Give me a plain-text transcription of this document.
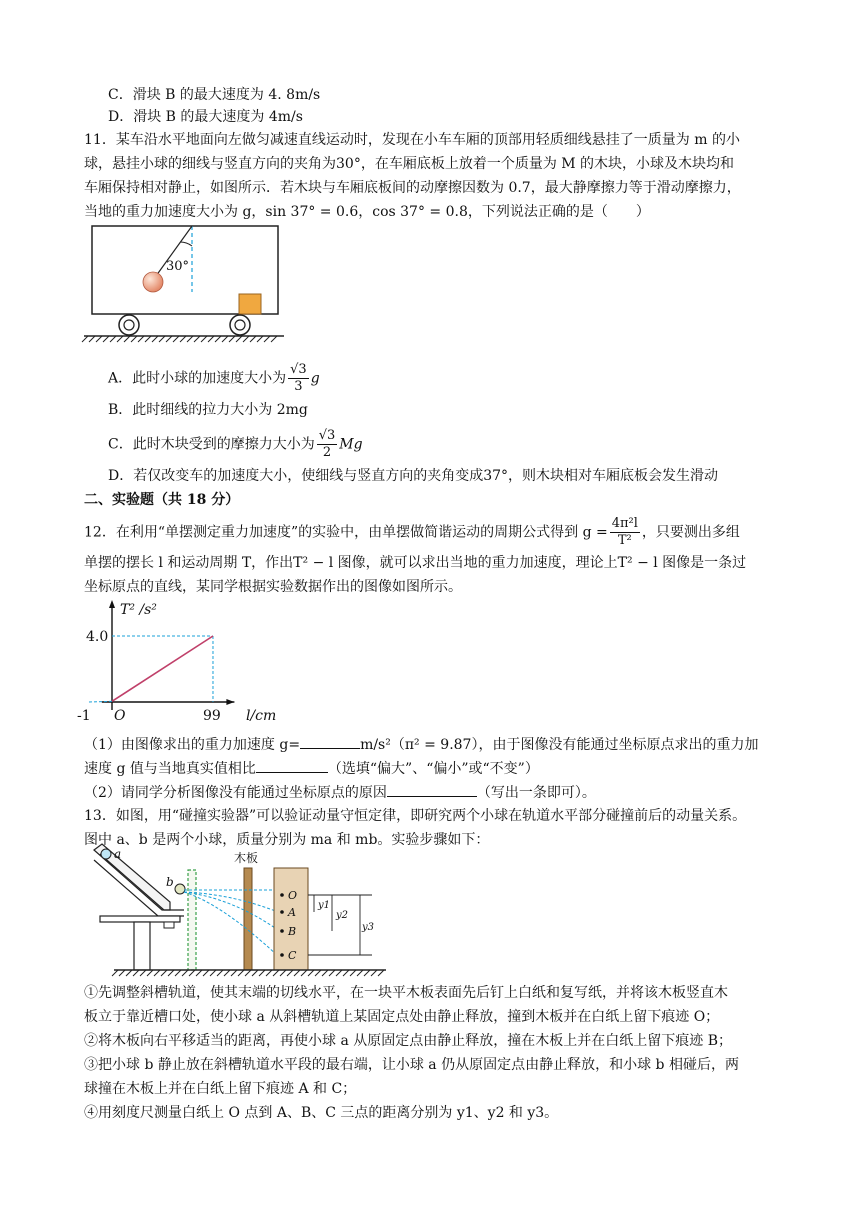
C．滑块 B 的最大速度为 4. 8m/s
D．滑块 B 的最大速度为 4m/s
11．某车沿水平地面向左做匀减速直线运动时，发现在小车车厢的顶部用轻质细线悬挂了一质量为 m 的小
球，悬挂小球的细线与竖直方向的夹角为30°，在车厢底板上放着一个质量为 M 的木块，小球及木块均和
车厢保持相对静止，如图所示．若木块与车厢底板间的动摩擦因数为 0.7，最大静摩擦力等于滑动摩擦力，
当地的重力加速度大小为 g，sin 37° = 0.6，cos 37° = 0.8，下列说法正确的是（　　）
30°
A．此时小球的加速度大小为 $\frac{√3}{3}$ g
B．此时细线的拉力大小为 2mg
C．此时木块受到的摩擦力大小为 $\frac{√3}{2}$ Mg
D．若仅改变车的加速度大小，使细线与竖直方向的夹角变成37°，则木块相对车厢底板会发生滑动
二、实验题（共 18 分）
12．在利用“单摆测定重力加速度”的实验中，由单摆做简谐运动的周期公式得到 $g = \frac{\text{4π²l}}{\text{T²}}$ ，只要测出多组
单摆的摆长 l 和运动周期 T，作出T² − l 图像，就可以求出当地的重力加速度，理论上T² − l 图像是一条过
坐标原点的直线，某同学根据实验数据作出的图像如图所示。
T² /s²
l/cm
4.0
-1 O	99
（1）由图像求出的重力加速度 g=	m/s²（π² = 9.87），由于图像没有能通过坐标原点求出的重力加
速度 g 值与当地真实值相比	（选填“偏大”、“偏小”或“不变”）
（2）请同学分析图像没有能通过坐标原点的原因	（写出一条即可）。
13．如图，用“碰撞实验器”可以验证动量守恒定律，即研究两个小球在轨道水平部分碰撞前后的动量关系。
图中 a、b 是两个小球，质量分别为 ma 和 mb。实验步骤如下：
a
b
木板
O
A
B
C
y1
y2
y3
①先调整斜槽轨道，使其末端的切线水平，在一块平木板表面先后钉上白纸和复写纸，并将该木板竖直木
板立于靠近槽口处，使小球 a 从斜槽轨道上某固定点处由静止释放，撞到木板并在白纸上留下痕迹 O；
②将木板向右平移适当的距离，再使小球 a 从原固定点由静止释放，撞在木板上并在白纸上留下痕迹 B；
③把小球 b 静止放在斜槽轨道水平段的最右端，让小球 a 仍从原固定点由静止释放，和小球 b 相碰后，两
球撞在木板上并在白纸上留下痕迹 A 和 C；
④用刻度尺测量白纸上 O 点到 A、B、C 三点的距离分别为 y1、y2 和 y3。
